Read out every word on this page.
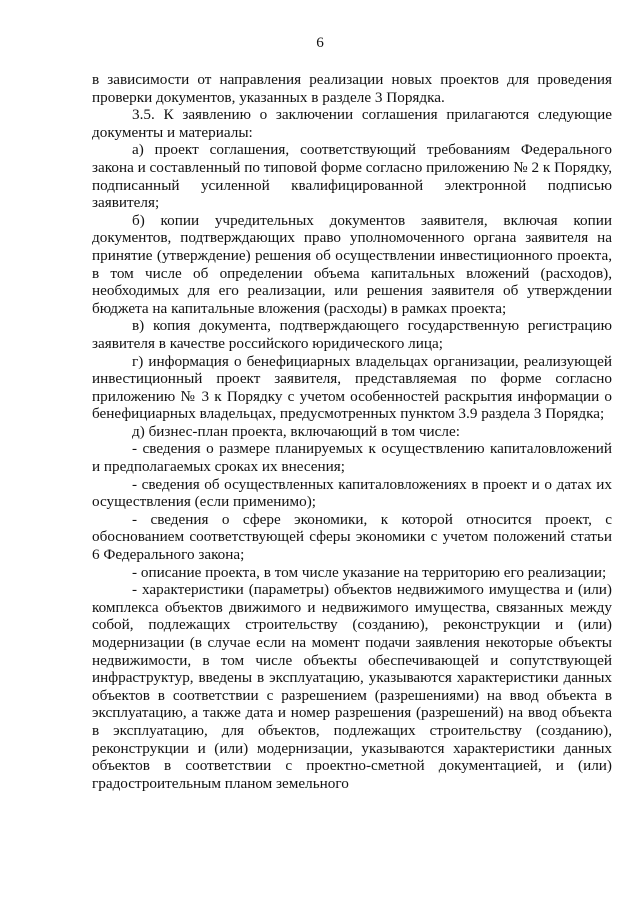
6

в зависимости от направления реализации новых проектов для проведения проверки документов, указанных в разделе 3 Порядка.

3.5. К заявлению о заключении соглашения прилагаются следующие документы и материалы:

а) проект соглашения, соответствующий требованиям Федерального закона и составленный по типовой форме согласно приложению № 2 к Порядку, подписанный усиленной квалифицированной электронной подписью заявителя;

б) копии учредительных документов заявителя, включая копии документов, подтверждающих право уполномоченного органа заявителя на принятие (утверждение) решения об осуществлении инвестиционного проекта, в том числе об определении объема капитальных вложений (расходов), необходимых для его реализации, или решения заявителя об утверждении бюджета на капитальные вложения (расходы) в рамках проекта;

в) копия документа, подтверждающего государственную регистрацию заявителя в качестве российского юридического лица;

г) информация о бенефициарных владельцах организации, реализующей инвестиционный проект заявителя, представляемая по форме согласно приложению № 3 к Порядку с учетом особенностей раскрытия информации о бенефициарных владельцах, предусмотренных пунктом 3.9 раздела 3 Порядка;

д) бизнес-план проекта, включающий в том числе:

- сведения о размере планируемых к осуществлению капиталовложений и предполагаемых сроках их внесения;

- сведения об осуществленных капиталовложениях в проект и о датах их осуществления (если применимо);

- сведения о сфере экономики, к которой относится проект, с обоснованием соответствующей сферы экономики с учетом положений статьи 6 Федерального закона;

- описание проекта, в том числе указание на территорию его реализации;

- характеристики (параметры) объектов недвижимого имущества и (или) комплекса объектов движимого и недвижимого имущества, связанных между собой, подлежащих строительству (созданию), реконструкции и (или) модернизации (в случае если на момент подачи заявления некоторые объекты недвижимости, в том числе объекты обеспечивающей и сопутствующей инфраструктур, введены в эксплуатацию, указываются характеристики данных объектов в соответствии с разрешением (разрешениями) на ввод объекта в эксплуатацию, а также дата и номер разрешения (разрешений) на ввод объекта в эксплуатацию, для объектов, подлежащих строительству (созданию), реконструкции и (или) модернизации, указываются характеристики данных объектов в соответствии с проектно-сметной документацией, и (или) градостроительным планом земельного
